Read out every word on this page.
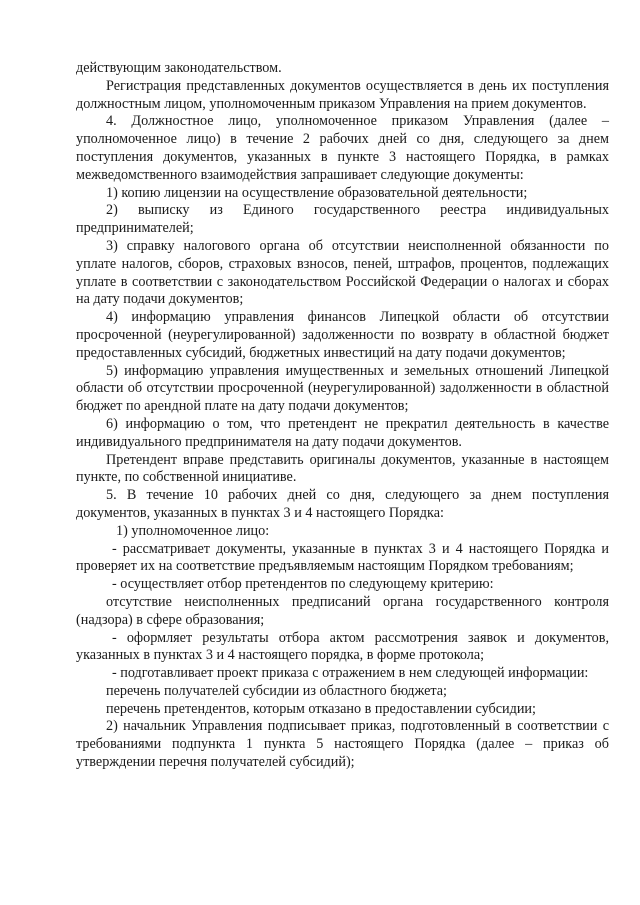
действующим законодательством.

Регистрация представленных документов осуществляется в день их поступления должностным лицом, уполномоченным приказом Управления на прием документов.

4. Должностное лицо, уполномоченное приказом Управления (далее – уполномоченное лицо) в течение 2 рабочих дней со дня, следующего за днем поступления документов, указанных в пункте 3 настоящего Порядка, в рамках межведомственного взаимодействия запрашивает следующие документы:

1) копию лицензии на осуществление образовательной деятельности;

2) выписку из Единого государственного реестра индивидуальных предпринимателей;

3) справку налогового органа об отсутствии неисполненной обязанности по уплате налогов, сборов, страховых взносов, пеней, штрафов, процентов, подлежащих уплате в соответствии с законодательством Российской Федерации о налогах и сборах на дату подачи документов;

4) информацию управления финансов Липецкой области об отсутствии просроченной (неурегулированной) задолженности по возврату в областной бюджет предоставленных субсидий, бюджетных инвестиций на дату подачи документов;

5) информацию управления имущественных и земельных отношений Липецкой области об отсутствии просроченной (неурегулированной) задолженности в областной бюджет по арендной плате на дату подачи документов;

6) информацию о том, что претендент не прекратил деятельность в качестве индивидуального предпринимателя на дату подачи документов.

Претендент вправе представить оригиналы документов, указанные в настоящем пункте, по собственной инициативе.

5. В течение 10 рабочих дней со дня, следующего за днем поступления документов, указанных в пунктах 3 и 4 настоящего Порядка:

1) уполномоченное лицо:

- рассматривает документы, указанные в пунктах 3 и 4 настоящего Порядка и проверяет их на соответствие предъявляемым настоящим Порядком требованиям;

- осуществляет отбор претендентов по следующему критерию:

отсутствие неисполненных предписаний органа государственного контроля (надзора) в сфере образования;

- оформляет результаты отбора актом рассмотрения заявок и документов, указанных в пунктах 3 и 4 настоящего порядка, в форме протокола;

- подготавливает проект приказа с отражением в нем следующей информации:

перечень получателей субсидии из областного бюджета;

перечень претендентов, которым отказано в предоставлении субсидии;

2) начальник Управления подписывает приказ, подготовленный в соответствии с требованиями подпункта 1 пункта 5 настоящего Порядка (далее – приказ об утверждении перечня получателей субсидий);
